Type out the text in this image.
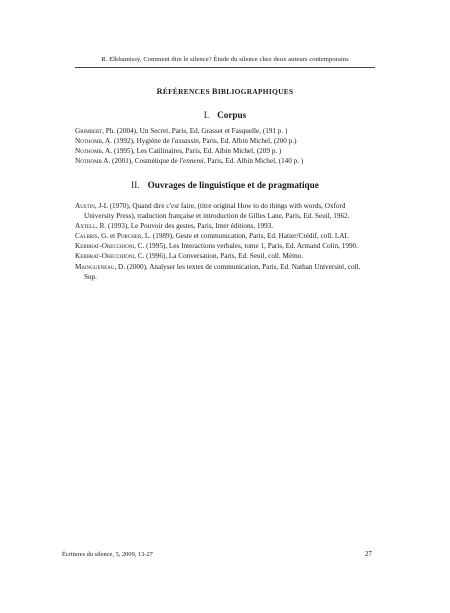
R. Elkhamissy, Comment dire le silence? Étude du silence chez deux auteurs contemporains
RÉFÉRENCES BIBLIOGRAPHIQUES
I. Corpus
Grimbert, Ph. (2004), Un Secret, Paris, Ed. Grasset et Fasquelle, (191 p. )
Nothomb, A. (1992), Hygiène de l'assassin, Paris, Ed. Albin Michel, (200 p.)
Nothomb, A. (1995), Les Catilinaires, Paris, Ed. Albin Michel, (209 p. )
Nothomb A. (2001), Cosmétique de l'ennemi, Paris, Ed. Albin Michel, (140 p. )
II. Ouvrages de linguistique et de pragmatique
Austin, J-L (1970), Quand dire c'est faire, (titre original How to do things with words, Oxford University Press), traduction française et introduction de Gilles Lane, Paris, Ed. Seuil, 1962.
Axtell, R. (1993), Le Pouvoir des gestes, Paris, Inter éditions, 1993.
Calbris, G. et Porcher, L. (1989), Geste et communication, Paris, Ed. Hatier/Crédif, coll. LAL
Kerbrat-Orecchioni, C. (1995), Les Interactions verbales, tome 1, Paris, Ed. Armand Colin, 1990.
Kerbrat-Orecchioni, C. (1996), La Conversation, Paris, Ed. Seuil, coll. Mémo.
Maingueneau, D. (2000), Analyser les textes de communication, Paris, Ed. Nathan Université, coll. Sup.
Écritures du silence, 5, 2009, 13-27	27
